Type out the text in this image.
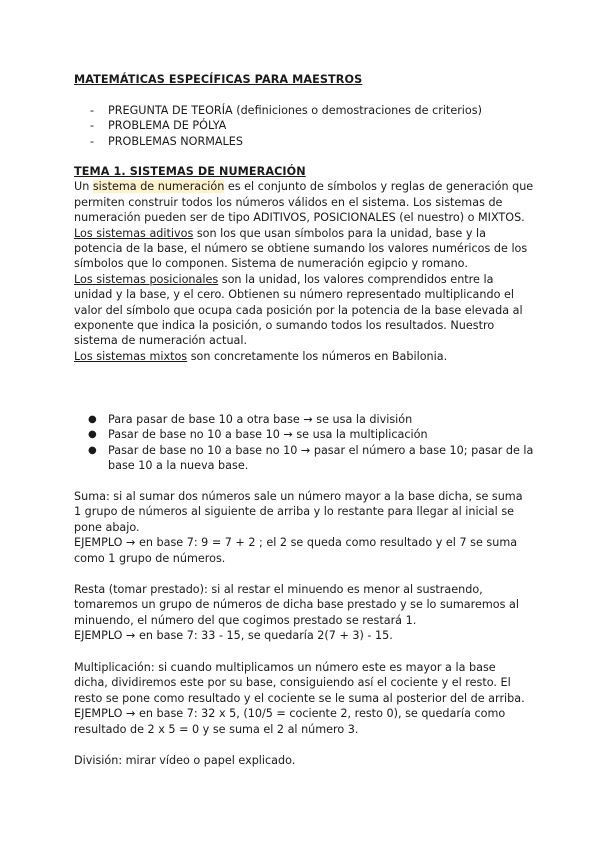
MATEMÁTICAS ESPECÍFICAS PARA MAESTROS
- PREGUNTA DE TEORÍA (definiciones o demostraciones de criterios)
- PROBLEMA DE PÓLYA
- PROBLEMAS NORMALES
TEMA 1. SISTEMAS DE NUMERACIÓN

Un sistema de numeración es el conjunto de símbolos y reglas de generación que permiten construir todos los números válidos en el sistema. Los sistemas de numeración pueden ser de tipo ADITIVOS, POSICIONALES (el nuestro) o MIXTOS.

Los sistemas aditivos son los que usan símbolos para la unidad, base y la potencia de la base, el número se obtiene sumando los valores numéricos de los símbolos que lo componen. Sistema de numeración egipcio y romano.

Los sistemas posicionales son la unidad, los valores comprendidos entre la unidad y la base, y el cero. Obtienen su número representado multiplicando el valor del símbolo que ocupa cada posición por la potencia de la base elevada al exponente que indica la posición, o sumando todos los resultados. Nuestro sistema de numeración actual.

Los sistemas mixtos son concretamente los números en Babilonia.

● Para pasar de base 10 a otra base → se usa la división
● Pasar de base no 10 a base 10 → se usa la multiplicación
● Pasar de base no 10 a base no 10 → pasar el número a base 10; pasar de la base 10 a la nueva base.

Suma: si al sumar dos números sale un número mayor a la base dicha, se suma 1 grupo de números al siguiente de arriba y lo restante para llegar al inicial se pone abajo.

EJEMPLO → en base 7: 9 = 7 + 2 ; el 2 se queda como resultado y el 7 se suma como 1 grupo de números.

Resta (tomar prestado): si al restar el minuendo es menor al sustraendo, tomaremos un grupo de números de dicha base prestado y se lo sumaremos al minuendo, el número del que cogimos prestado se restará 1.

EJEMPLO → en base 7: 33 - 15, se quedaría 2(7 + 3) - 15.

Multiplicación: si cuando multiplicamos un número este es mayor a la base dicha, dividiremos este por su base, consiguiendo así el cociente y el resto. El resto se pone como resultado y el cociente se le suma al posterior del de arriba.

EJEMPLO → en base 7: 32 x 5, (10/5 = cociente 2, resto 0), se quedaría como resultado de 2 x 5 = 0 y se suma el 2 al número 3.

División: mirar vídeo o papel explicado.
